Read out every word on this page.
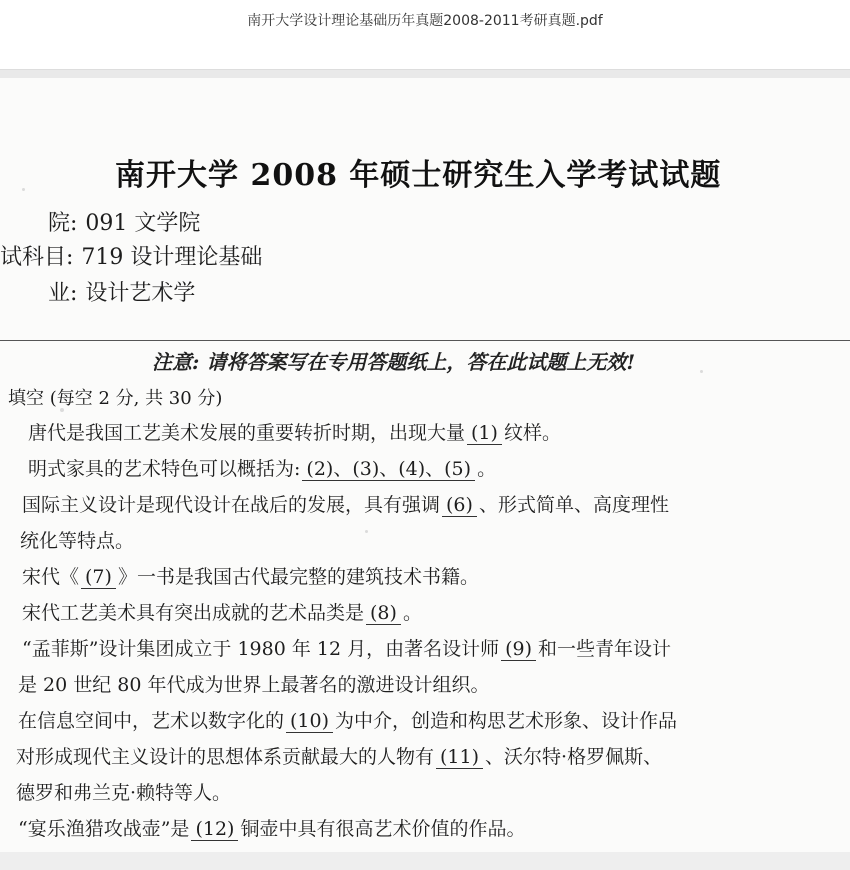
南开大学设计理论基础历年真题2008-2011考研真题.pdf
南开大学 2008 年硕士研究生入学考试试题
院: 091 文学院
试科目: 719 设计理论基础
业: 设计艺术学
注意: 请将答案写在专用答题纸上，答在此试题上无效!
填空 (每空 2 分, 共 30 分)
唐代是我国工艺美术发展的重要转折时期，出现大量 (1) 纹样。
明式家具的艺术特色可以概括为: (2)、(3)、(4)、(5) 。
国际主义设计是现代设计在战后的发展，具有强调 (6) 、形式简单、高度理性
统化等特点。
宋代《 (7) 》一书是我国古代最完整的建筑技术书籍。
宋代工艺美术具有突出成就的艺术品类是 (8) 。
“孟菲斯”设计集团成立于 1980 年 12 月，由著名设计师 (9) 和一些青年设计
是 20 世纪 80 年代成为世界上最著名的激进设计组织。
在信息空间中，艺术以数字化的 (10) 为中介，创造和构思艺术形象、设计作品
对形成现代主义设计的思想体系贡献最大的人物有 (11) 、沃尔特·格罗佩斯、
德罗和弗兰克·赖特等人。
“宴乐渔猎攻战壶”是 (12) 铜壶中具有很高艺术价值的作品。
